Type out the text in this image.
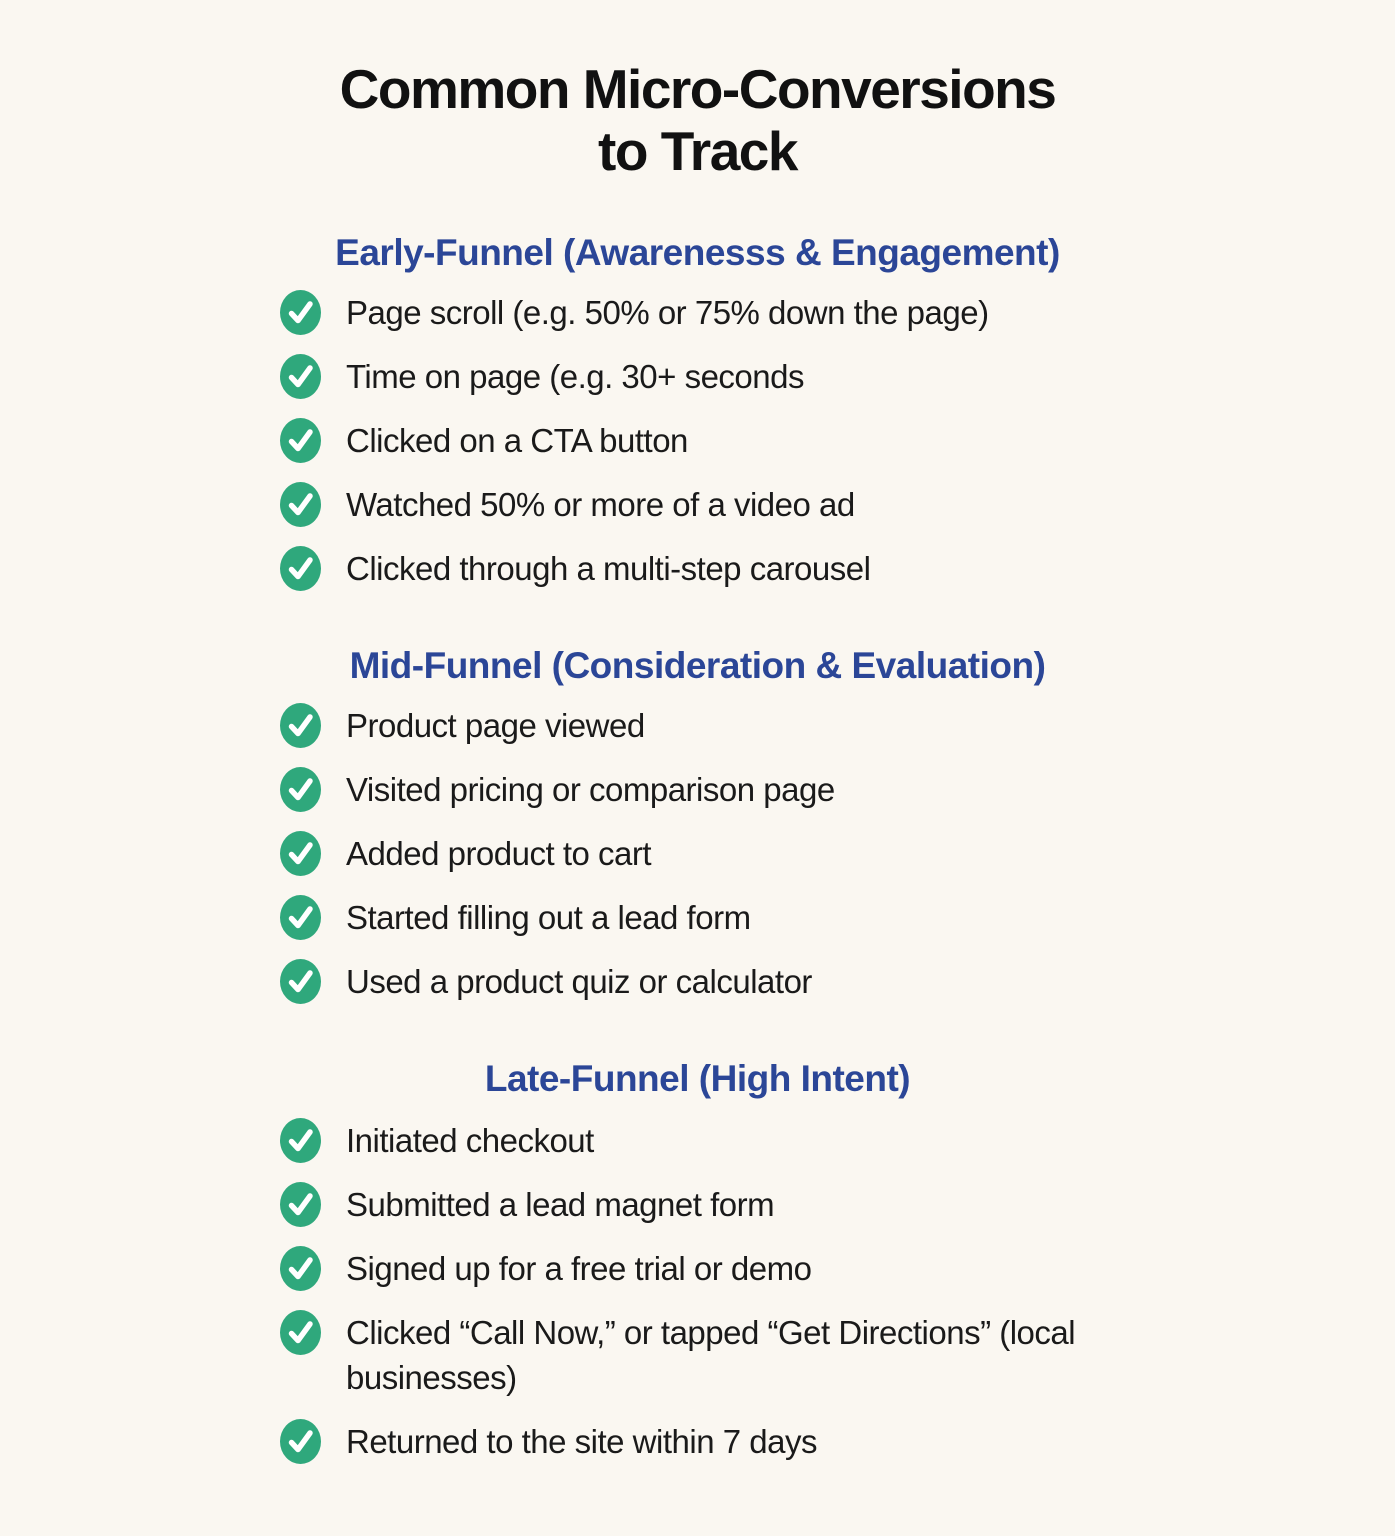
Common Micro-Conversions
to Track
Early-Funnel (Awarenesss & Engagement)
Page scroll (e.g. 50% or 75% down the page)
Time on page (e.g. 30+ seconds
Clicked on a CTA button
Watched 50% or more of a video ad
Clicked through a multi-step carousel
Mid-Funnel (Consideration & Evaluation)
Product page viewed
Visited pricing or comparison page
Added product to cart
Started filling out a lead form
Used a product quiz or calculator
Late-Funnel (High Intent)
Initiated checkout
Submitted a lead magnet form
Signed up for a free trial or demo
Clicked “Call Now,” or tapped “Get Directions” (local businesses)
Returned to the site within 7 days
